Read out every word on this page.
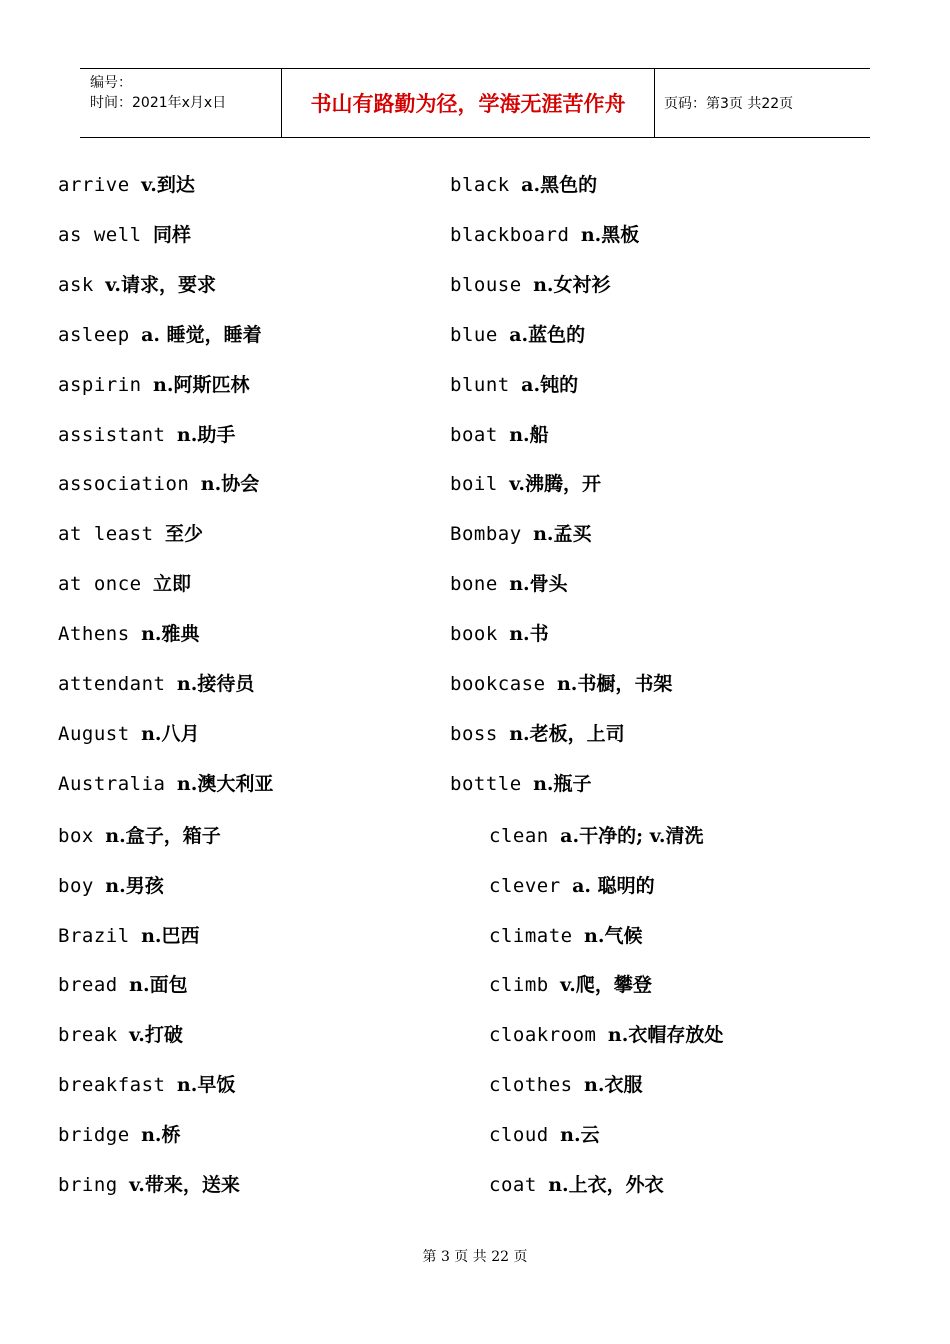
编号：
时间：2021年x月x日	书山有路勤为径，学海无涯苦作舟	页码：第3页 共22页
arrive v.到达
as well 同样
ask v.请求，要求
asleep a. 睡觉，睡着
aspirin n.阿斯匹林
assistant n.助手
association n.协会
at least 至少
at once 立即
Athens n.雅典
attendant n.接待员
August n.八月
Australia n.澳大利亚
box n.盒子，箱子
boy n.男孩
Brazil n.巴西
bread n.面包
break v.打破
breakfast n.早饭
bridge n.桥
bring v.带来，送来
black a.黑色的
blackboard n.黑板
blouse n.女衬衫
blue a.蓝色的
blunt a.钝的
boat n.船
boil v.沸腾，开
Bombay n.孟买
bone n.骨头
book n.书
bookcase n.书橱，书架
boss n.老板，上司
bottle n.瓶子
clean a.干净的; v.清洗
clever a. 聪明的
climate n.气候
climb v.爬，攀登
cloakroom n.衣帽存放处
clothes n.衣服
cloud n.云
coat n.上衣，外衣
第 3 页 共 22 页
